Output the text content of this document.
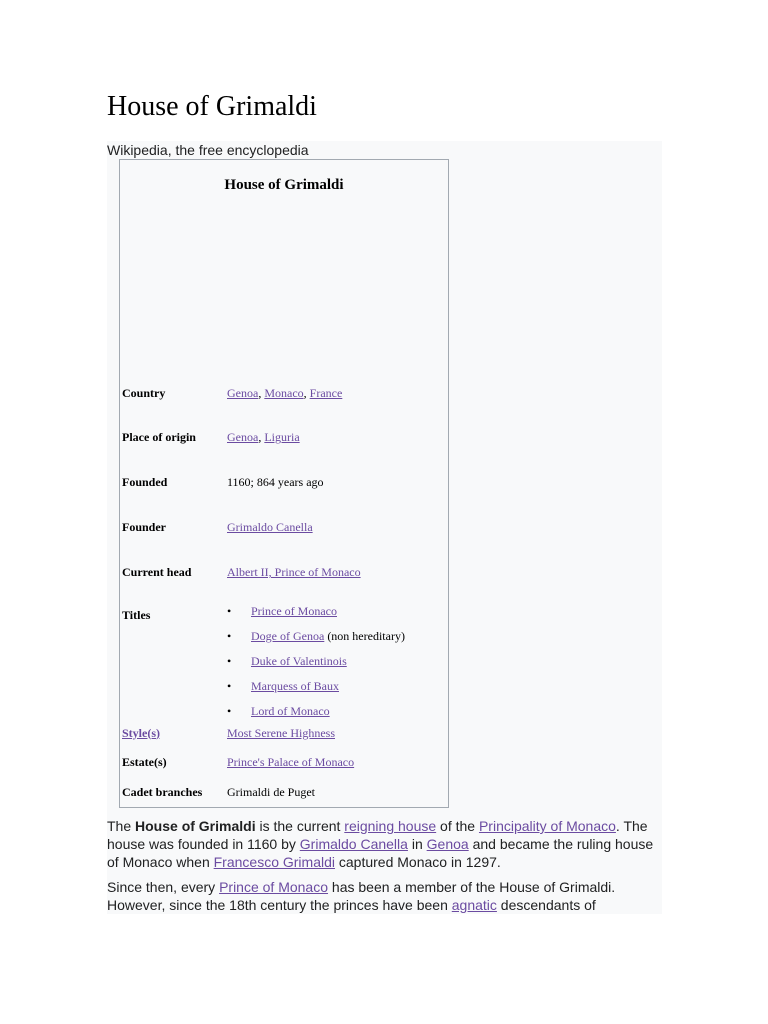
House of Grimaldi

Wikipedia, the free encyclopedia

House of Grimaldi
Country	Genoa, Monaco, France
Place of origin	Genoa, Liguria
Founded	1160; 864 years ago
Founder	Grimaldo Canella
Current head	Albert II, Prince of Monaco
Titles	•	Prince of Monaco
•	Doge of Genoa (non hereditary)
•	Duke of Valentinois
•	Marquess of Baux
•	Lord of Monaco
Style(s)	Most Serene Highness
Estate(s)	Prince's Palace of Monaco
Cadet branches	Grimaldi de Puget

The House of Grimaldi is the current reigning house of the Principality of Monaco. The house was founded in 1160 by Grimaldo Canella in Genoa and became the ruling house of Monaco when Francesco Grimaldi captured Monaco in 1297.

Since then, every Prince of Monaco has been a member of the House of Grimaldi. However, since the 18th century the princes have been agnatic descendants of
